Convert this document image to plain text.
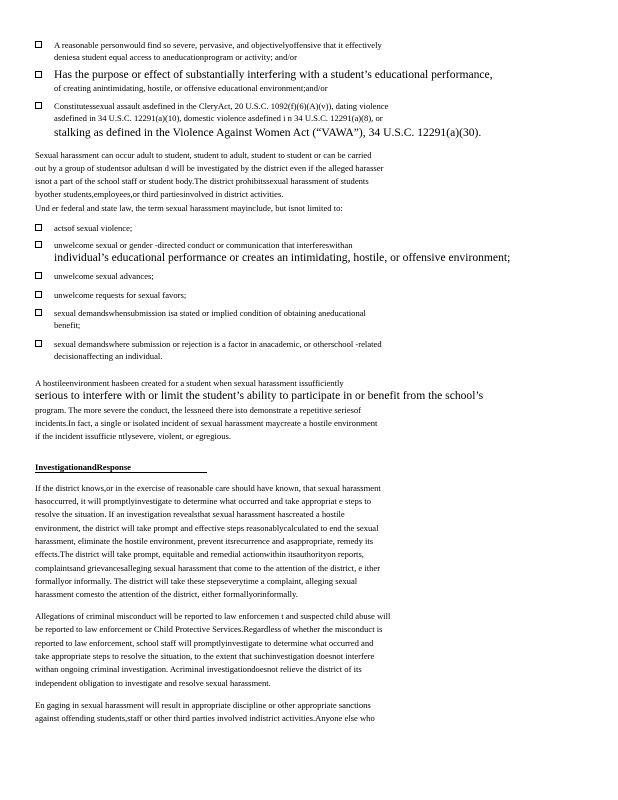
A reasonable personwould find so severe, pervasive, and objectivelyoffensive that it effectively
deniesa student equal access to aneducationprogram or activity; and/or
Has the purpose or effect of substantially interfering with a student’s educational performance,
of creating anintimidating, hostile, or offensive educational environment;and/or
Constitutessexual assault asdefined in the CleryAct, 20 U.S.C. 1092(f)(6)(A)(v)), dating violence
asdefined in 34 U.S.C. 12291(a)(10), domestic violence asdefined i n 34 U.S.C. 12291(a)(8), or
stalking as defined in the Violence Against Women Act (“VAWA”), 34 U.S.C. 12291(a)(30).
Sexual harassment can occur adult to student, student to adult, student to student or can be carried
out by a group of studentsor adultsan d will be investigated by the district even if the alleged harasser
isnot a part of the school staff or student body.The district prohibitssexual harassment of students
byother students,employees,or third partiesinvolved in district activities.
Und er federal and state law, the term sexual harassment mayinclude, but isnot limited to:
actsof sexual violence;
unwelcome sexual or gender -directed conduct or communication that interfereswithan
individual’s educational performance or creates an intimidating, hostile, or offensive environment;
unwelcome sexual advances;
unwelcome requests for sexual favors;
sexual demandswhensubmission isa stated or implied condition of obtaining aneducational
benefit;
sexual demandswhere submission or rejection is a factor in anacademic, or otherschool -related
decisionaffecting an individual.
A hostileenvironment hasbeen created for a student when sexual harassment issufficiently
serious to interfere with or limit the student’s ability to participate in or benefit from the school’s
program. The more severe the conduct, the lessneed there isto demonstrate a repetitive seriesof
incidents.In fact, a single or isolated incident of sexual harassment maycreate a hostile environment
if the incident issufficie ntlysevere, violent, or egregious.
InvestigationandResponse
If the district knows,or in the exercise of reasonable care should have known, that sexual harassment
hasoccurred, it will promptlyinvestigate to determine what occurred and take appropriat e steps to
resolve the situation. If an investigation revealsthat sexual harassment hascreated a hostile
environment, the district will take prompt and effective steps reasonablycalculated to end the sexual
harassment, eliminate the hostile environment, prevent itsrecurrence and asappropriate, remedy its
effects.The district will take prompt, equitable and remedial actionwithin itsauthorityon reports,
complaintsand grievancesalleging sexual harassment that come to the attention of the district, e ither
formallyor informally. The district will take these stepseverytime a complaint, alleging sexual
harassment comesto the attention of the district, either formallyorinformally.
Allegations of criminal misconduct will be reported to law enforcemen t and suspected child abuse will
be reported to law enforcement or Child Protective Services.Regardless of whether the misconduct is
reported to law enforcement, school staff will promptlyinvestigate to determine what occurred and
take appropriate steps to resolve the situation, to the extent that suchinvestigation doesnot interfere
withan ongoing criminal investigation. Acriminal investigationdoesnot relieve the district of its
independent obligation to investigate and resolve sexual harassment.
En gaging in sexual harassment will result in appropriate discipline or other appropriate sanctions
against offending students,staff or other third parties involved indistrict activities.Anyone else who
